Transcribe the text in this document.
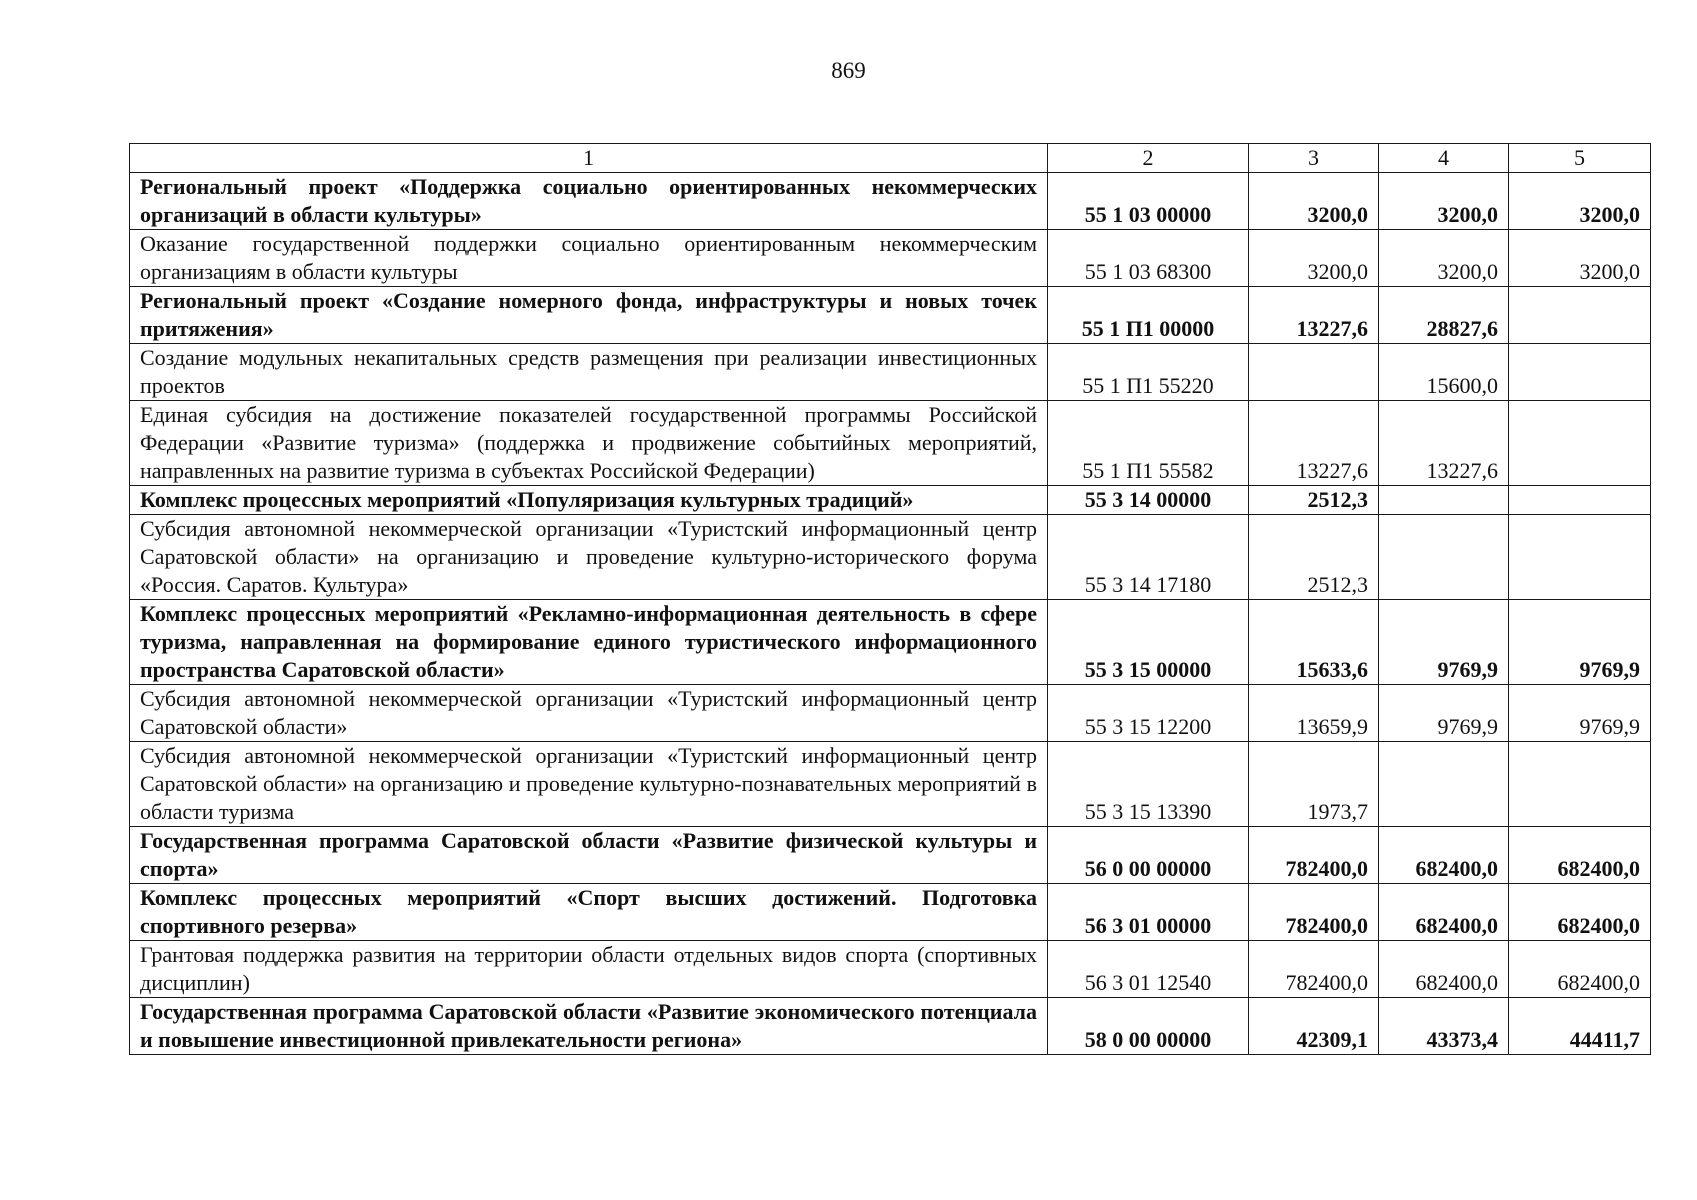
869
1	2	3	4	5
Региональный проект «Поддержка социально ориентированных некоммерческих организаций в области культуры»	55 1 03 00000	3200,0	3200,0	3200,0
Оказание государственной поддержки социально ориентированным некоммерческим организациям в области культуры	55 1 03 68300	3200,0	3200,0	3200,0
Региональный проект «Создание номерного фонда, инфраструктуры и новых точек притяжения»	55 1 П1 00000	13227,6	28827,6	
Создание модульных некапитальных средств размещения при реализации инвестиционных проектов	55 1 П1 55220		15600,0	
Единая субсидия на достижение показателей государственной программы Российской Федерации «Развитие туризма» (поддержка и продвижение событийных мероприятий, направленных на развитие туризма в субъектах Российской Федерации)	55 1 П1 55582	13227,6	13227,6	
Комплекс процессных мероприятий «Популяризация культурных традиций»	55 3 14 00000	2512,3		
Субсидия автономной некоммерческой организации «Туристский информационный центр Саратовской области» на организацию и проведение культурно-исторического форума «Россия. Саратов. Культура»	55 3 14 17180	2512,3		
Комплекс процессных мероприятий «Рекламно-информационная деятельность в сфере туризма, направленная на формирование единого туристического информационного пространства Саратовской области»	55 3 15 00000	15633,6	9769,9	9769,9
Субсидия автономной некоммерческой организации «Туристский информационный центр Саратовской области»	55 3 15 12200	13659,9	9769,9	9769,9
Субсидия автономной некоммерческой организации «Туристский информационный центр Саратовской области» на организацию и проведение культурно-познавательных мероприятий в области туризма	55 3 15 13390	1973,7		
Государственная программа Саратовской области «Развитие физической культуры и спорта»	56 0 00 00000	782400,0	682400,0	682400,0
Комплекс процессных мероприятий «Спорт высших достижений. Подготовка спортивного резерва»	56 3 01 00000	782400,0	682400,0	682400,0
Грантовая поддержка развития на территории области отдельных видов спорта (спортивных дисциплин)	56 3 01 12540	782400,0	682400,0	682400,0
Государственная программа Саратовской области «Развитие экономического потенциала и повышение инвестиционной привлекательности региона»	58 0 00 00000	42309,1	43373,4	44411,7
